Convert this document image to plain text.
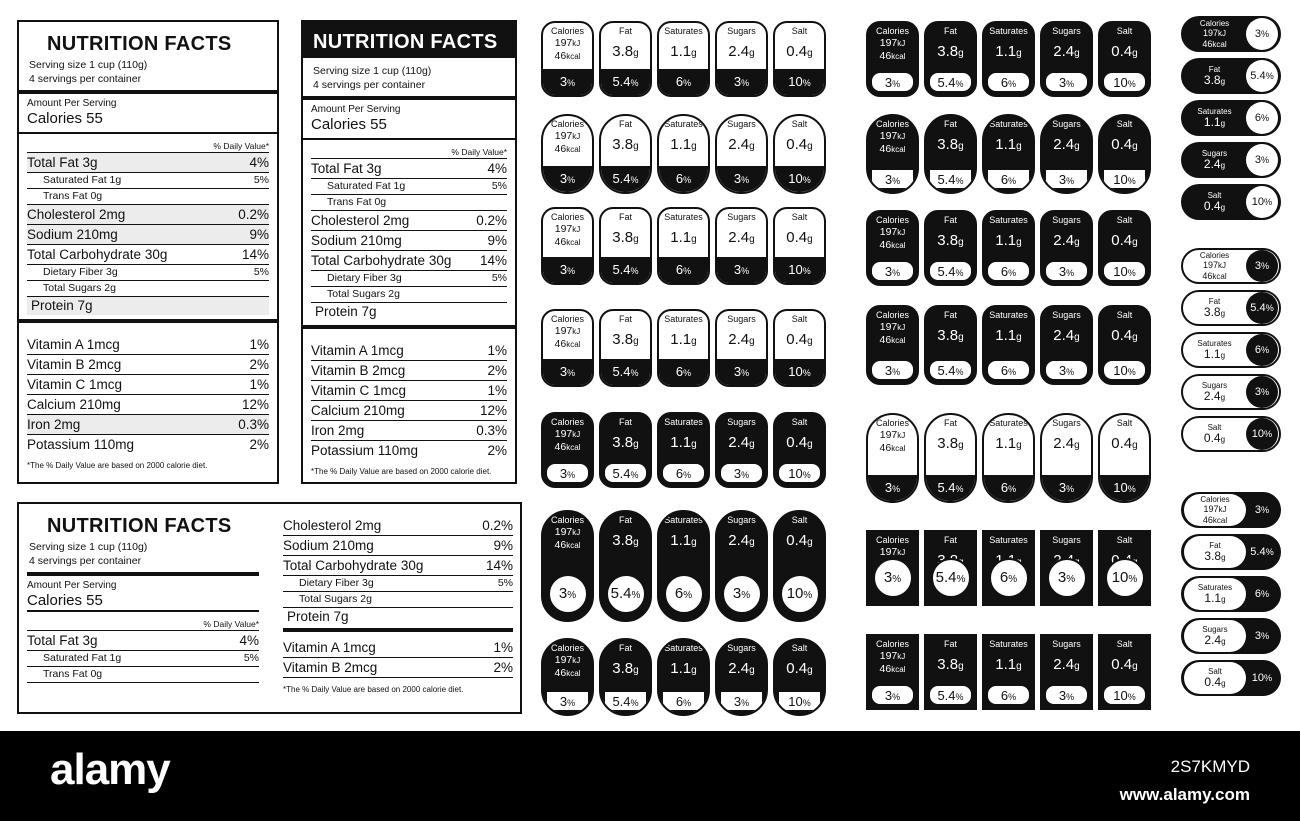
NUTRITION FACTS
Serving size 1 cup (110g)
4 servings per container
Amount Per Serving
Calories 55
% Daily Value*
Total Fat 3g	4%
Saturated Fat 1g	5%
Trans Fat 0g
Cholesterol 2mg	0.2%
Sodium 210mg	9%
Total Carbohydrate 30g	14%
Dietary Fiber 3g	5%
Total Sugars 2g
Protein 7g
Vitamin A 1mcg	1%
Vitamin B 2mcg	2%
Vitamin C 1mcg	1%
Calcium 210mg	12%
Iron 2mg	0.3%
Potassium 110mg	2%
*The % Daily Value are based on 2000 calorie diet.
NUTRITION FACTS
Serving size 1 cup (110g)
4 servings per container
Amount Per Serving
Calories 55
% Daily Value*
Total Fat 3g	4%
Saturated Fat 1g	5%
Trans Fat 0g
Cholesterol 2mg	0.2%
Sodium 210mg	9%
Total Carbohydrate 30g 14%
Dietary Fiber 3g	5%
Total Sugars 2g
Protein 7g
Vitamin A 1mcg	1%
Vitamin B 2mcg	2%
Vitamin C 1mcg	1%
Calcium 210mg	12%
Iron 2mg	0.3%
Potassium 110mg	2%
*The % Daily Value are based on 2000 calorie diet.
NUTRITION FACTS
Serving size 1 cup (110g)
4 servings per container
Amount Per Serving
Calories 55
% Daily Value*
Total Fat 3g	4%
Saturated Fat 1g	5%
Trans Fat 0g
Cholesterol 2mg	0.2%
Sodium 210mg	9%
Total Carbohydrate 30g	14%
Dietary Fiber 3g	5%
Total Sugars 2g
Protein 7g
Vitamin A 1mcg	1%
Vitamin B 2mcg	2%
*The % Daily Value are based on 2000 calorie diet.
Calories
197kJ
46kcal
3%
Fat
3.8g
5.4%
Saturates
1.1g
6%
Sugars
2.4g
3%
Salt
0.4g
10%
Calories
197kJ
46kcal
3%
Fat
3.8g
5.4%
Saturates
1.1g
6%
Sugars
2.4g
3%
Salt
0.4g
10%
Calories
197kJ
46kcal
3%
Fat
3.8g
5.4%
Saturates
1.1g
6%
Sugars
2.4g
3%
Salt
0.4g
10%
Calories
197kJ
46kcal
3%
Fat
3.8g
5.4%
Saturates
1.1g
6%
Sugars
2.4g
3%
Salt
0.4g
10%
Calories
197kJ
46kcal
3%
Fat
3.8g
5.4%
Saturates
1.1g
6%
Sugars
2.4g
3%
Salt
0.4g
10%
Calories
197kJ
46kcal
3%
Fat
3.8g
5.4%
Saturates
1.1g
6%
Sugars
2.4g
3%
Salt
0.4g
10%
Calories
197kJ
46kcal
3%
Fat
3.8g
5.4%
Saturates
1.1g
6%
Sugars
2.4g
3%
Salt
0.4g
10%
Calories
197kJ
46kcal
3%
Fat
3.8g
5.4%
Saturates
1.1g
6%
Sugars
2.4g
3%
Salt
0.4g
10%
Calories
197kJ
46kcal
3%
Fat
3.8g
5.4%
Saturates
1.1g
6%
Sugars
2.4g
3%
Salt
0.4g
10%
Calories
197kJ
46kcal
3%
Fat
3.8g
5.4%
Saturates
1.1g
6%
Sugars
2.4g
3%
Salt
0.4g
10%
Calories
197kJ
46kcal
3%
Fat
3.8g
5.4%
Saturates
1.1g
6%
Sugars
2.4g
3%
Salt
0.4g
10%
Calories
197kJ
46kcal
3%
Fat
3.8g
5.4%
Saturates
1.1g
6%
Sugars
2.4g
3%
Salt
0.4g
10%
Calories
197kJ
3%
Fat
5.4%
Saturates
6%
Sugars
3%
Salt
10%
Calories
197kJ
46kcal
3%
Fat
3.8g
5.4%
Saturates
1.1g
6%
Sugars
2.4g
3%
Salt
0.4g
10%
Calories
197kJ
46kcal
3%
Fat
3.8g	5.4%
Saturates
1.1g	6%
Sugars
2.4g	3%
Salt
0.4g	10%
Calories
197kJ
46kcal
3%
Fat
3.8g	5.4%
Saturates
1.1g	6%
Sugars
2.4g	3%
Salt
0.4g	10%
Calories
197kJ
46kcal
3%
Fat
3.8g	5.4%
Saturates
1.1g	6%
Sugars
2.4g	3%
Salt
0.4g	10%
alamy	2S7KMYD
www.alamy.com
